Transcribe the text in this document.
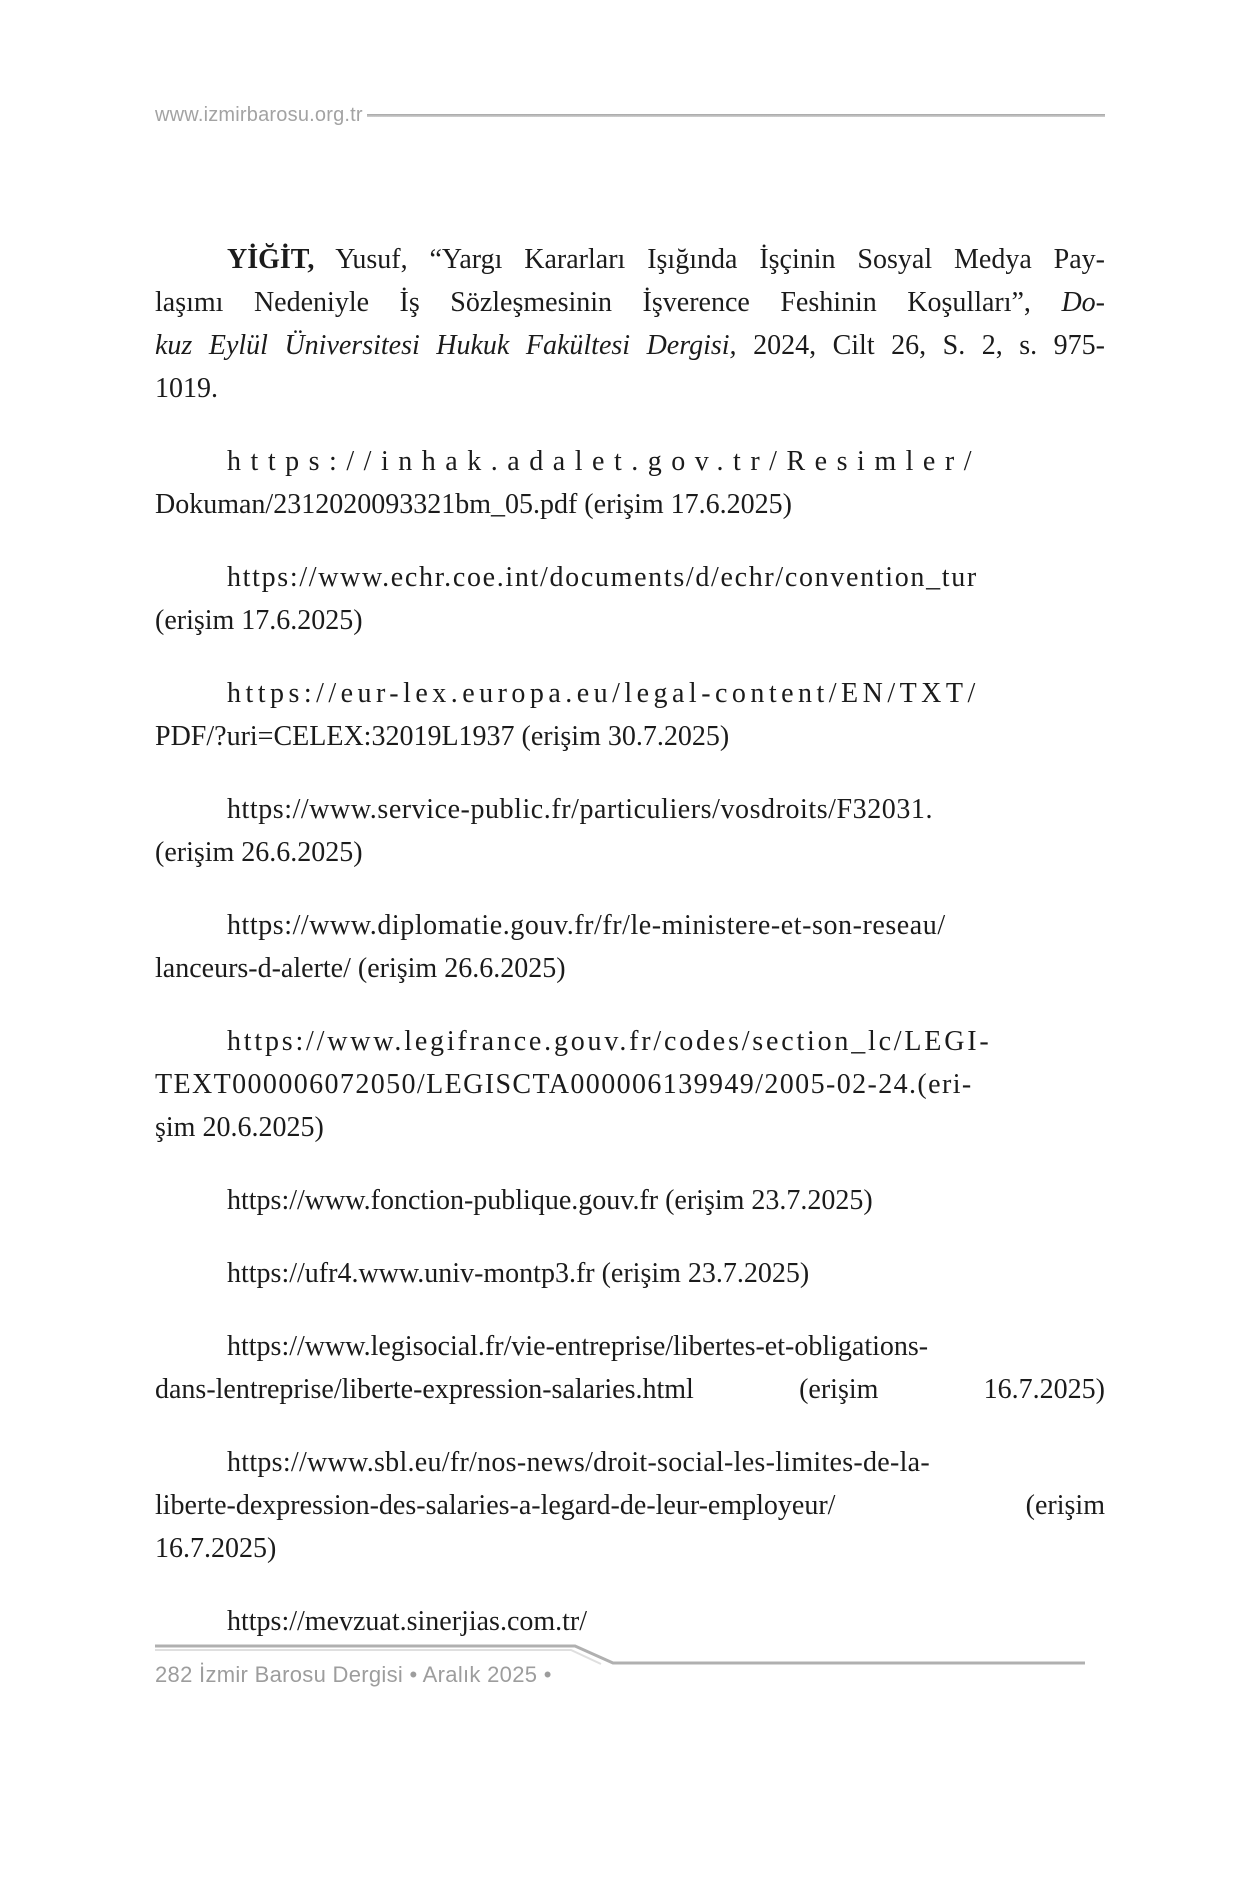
www.izmirbarosu.org.tr
YİĞİT, Yusuf, “Yargı Kararları Işığında İşçinin Sosyal Medya Pay-
laşımı Nedeniyle İş Sözleşmesinin İşverence Feshinin Koşulları”, Do-
kuz Eylül Üniversitesi Hukuk Fakültesi Dergisi, 2024, Cilt 26, S. 2, s. 975-
1019.
https://inhak.adalet.gov.tr/Resimler/
Dokuman/2312020093321bm_05.pdf (erişim 17.6.2025)
https://www.echr.coe.int/documents/d/echr/convention_tur
(erişim 17.6.2025)
https://eur-lex.europa.eu/legal-content/EN/TXT/
PDF/?uri=CELEX:32019L1937 (erişim 30.7.2025)
https://www.service-public.fr/particuliers/vosdroits/F32031.
(erişim 26.6.2025)
https://www.diplomatie.gouv.fr/fr/le-ministere-et-son-reseau/
lanceurs-d-alerte/ (erişim 26.6.2025)
https://www.legifrance.gouv.fr/codes/section_lc/LEGI-
TEXT000006072050/LEGISCTA000006139949/2005-02-24.(eri-
şim 20.6.2025)
https://www.fonction-publique.gouv.fr (erişim 23.7.2025)
https://ufr4.www.univ-montp3.fr (erişim 23.7.2025)
https://www.legisocial.fr/vie-entreprise/libertes-et-obligations-
dans-lentreprise/liberte-expression-salaries.html (erişim 16.7.2025)
https://www.sbl.eu/fr/nos-news/droit-social-les-limites-de-la-
liberte-dexpression-des-salaries-a-legard-de-leur-employeur/ (erişim
16.7.2025)
https://mevzuat.sinerjias.com.tr/
282 İzmir Barosu Dergisi • Aralık 2025 •
